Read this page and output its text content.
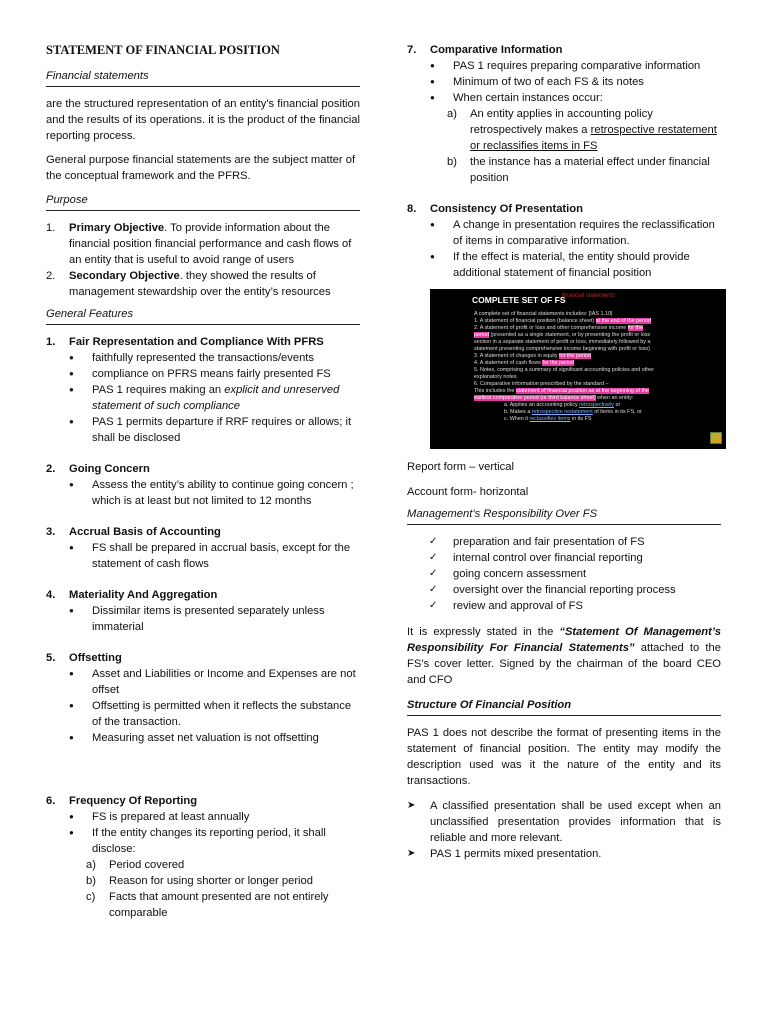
STATEMENT OF FINANCIAL POSITION
Financial statements

are the structured representation of an entity's financial position and the results of its operations. it is the product of the financial reporting process.

General purpose financial statements are the subject matter of the conceptual framework and the PFRS.

Purpose
1. Primary Objective. To provide information about the financial position financial performance and cash flows of an entity that is useful to avoid range of users
2. Secondary Objective. they showed the results of management stewardship over the entity’s resources
General Features
1. Fair Representation and Compliance With PFRS
● faithfully represented the transactions/events
● compliance on PFRS means fairly presented FS
● PAS 1 requires making an explicit and unreserved statement of such compliance
● PAS 1 permits departure if RRF requires or allows; it shall be disclosed
2. Going Concern
● Assess the entity’s ability to continue going concern ; which is at least but not limited to 12 months
3. Accrual Basis of Accounting
● FS shall be prepared in accrual basis, except for the statement of cash flows
4. Materiality And Aggregation
● Dissimilar items is presented separately unless immaterial
5. Offsetting
● Asset and Liabilities or Income and Expenses are not offset
● Offsetting is permitted when it reflects the substance of the transaction.
● Measuring asset net valuation is not offsetting
6. Frequency Of Reporting
● FS is prepared at least annually
● If the entity changes its reporting period, it shall disclose:
a) Period covered
b) Reason for using shorter or longer period
c) Facts that amount presented are not entirely comparable
7. Comparative Information
● PAS 1 requires preparing comparative information
● Minimum of two of each FS & its notes
● When certain instances occur:
a) An entity applies in accounting policy retrospectively makes a retrospective restatement or reclassifies items in FS
b) the instance has a material effect under financial position
8. Consistency Of Presentation
● A change in presentation requires the reclassification of items in comparative information.
● If the effect is material, the entity should provide additional statement of financial position
COMPLETE SET OF FS
financial statements
A complete set of financial statements includes: [IAS 1.10]
1. A statement of financial position (balance sheet) at the end of the period
2. A statement of profit or loss and other comprehensive income for the
period (presented as a single statement, or by presenting the profit or loss
section in a separate statement of profit or loss, immediately followed by a
statement presenting comprehensive income beginning with profit or loss)
3. A statement of changes in equity for the period
4. A statement of cash flows for the period
5. Notes, comprising a summary of significant accounting policies and other
explanatory notes.
6. Comparative information prescribed by the standard –
This includes the statement of financial position as at the beginning of the
earliest comparative period (or third balance sheet) when an entity:
a. Applies an accounting policy retrospectively or
b. Makes a retrospective restatement of items in its FS, or
c. When it reclassifies items in its FS

Report form – vertical

Account form- horizontal

Management’s Responsibility Over FS
✓ preparation and fair presentation of FS
✓ internal control over financial reporting
✓ going concern assessment
✓ oversight over the financial reporting process
✓ review and approval of FS

It is expressly stated in the “Statement Of Management’s Responsibility For Financial Statements” attached to the FS’s cover letter. Signed by the chairman of the board CEO and CFO

Structure Of Financial Position

PAS 1 does not describe the format of presenting items in the statement of financial position. The entity may modify the description used was it the nature of the entity and its transactions.

➤ A classified presentation shall be used except when an unclassified presentation provides information that is reliable and more relevant.
➤ PAS 1 permits mixed presentation.
